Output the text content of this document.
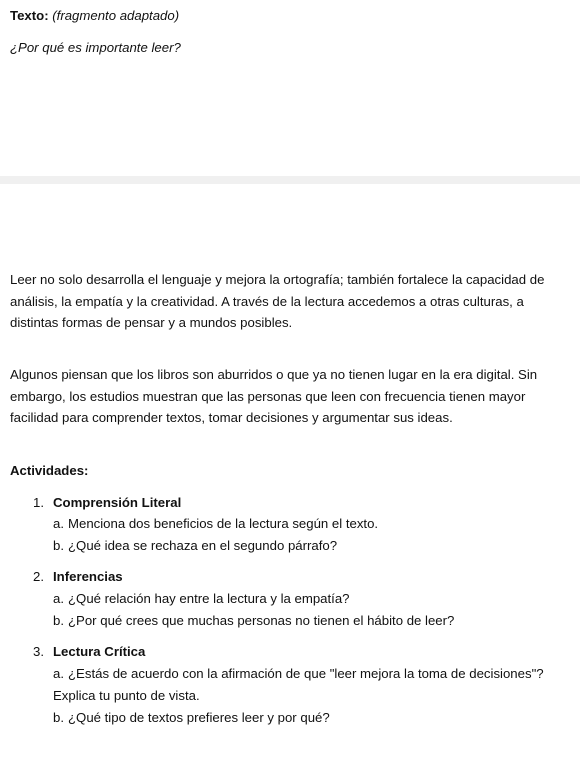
Texto: (fragmento adaptado)
¿Por qué es importante leer?
Leer no solo desarrolla el lenguaje y mejora la ortografía; también fortalece la capacidad de análisis, la empatía y la creatividad. A través de la lectura accedemos a otras culturas, a distintas formas de pensar y a mundos posibles.
Algunos piensan que los libros son aburridos o que ya no tienen lugar en la era digital. Sin embargo, los estudios muestran que las personas que leen con frecuencia tienen mayor facilidad para comprender textos, tomar decisiones y argumentar sus ideas.
Actividades:
1. Comprensión Literal
a. Menciona dos beneficios de la lectura según el texto.
b. ¿Qué idea se rechaza en el segundo párrafo?
2. Inferencias
a. ¿Qué relación hay entre la lectura y la empatía?
b. ¿Por qué crees que muchas personas no tienen el hábito de leer?
3. Lectura Crítica
a. ¿Estás de acuerdo con la afirmación de que "leer mejora la toma de decisiones"? Explica tu punto de vista.
b. ¿Qué tipo de textos prefieres leer y por qué?
